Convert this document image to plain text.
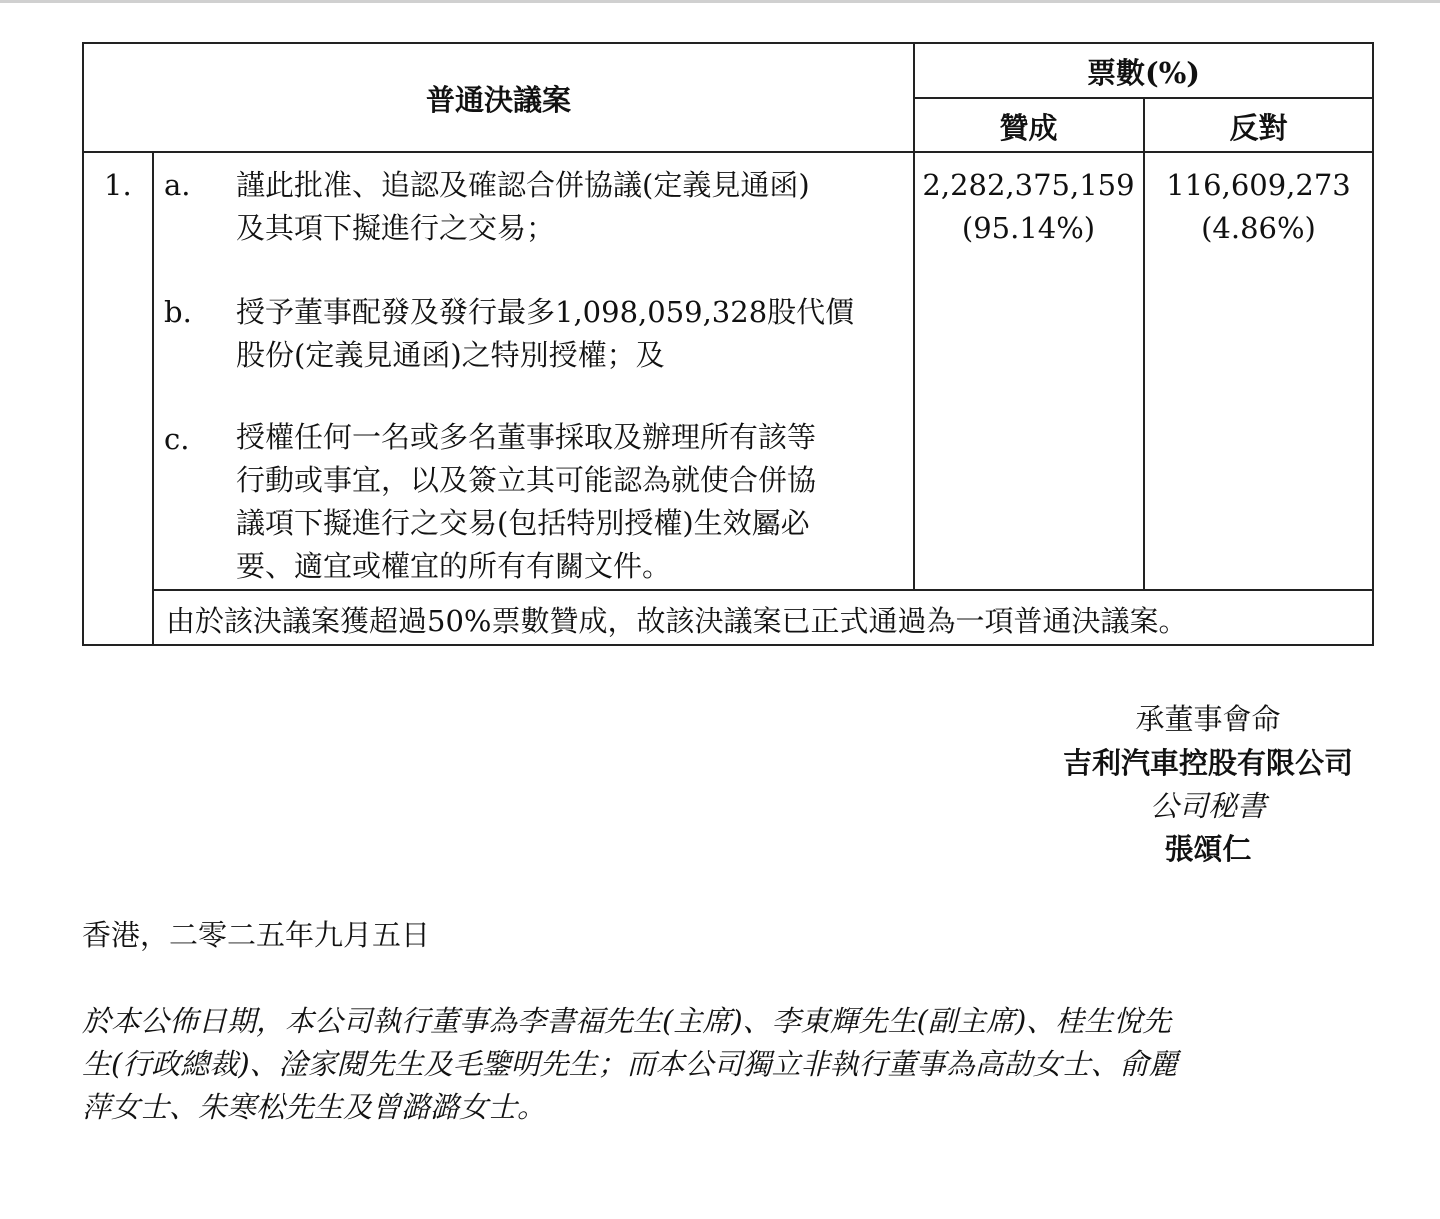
普通決議案
票數(%)
贊成	反對
1. a. 謹此批准、追認及確認合併協議(定義見通函)
及其項下擬進行之交易；
b. 授予董事配發及發行最多1,098,059,328股代價
股份(定義見通函)之特別授權；及
c. 授權任何一名或多名董事採取及辦理所有該等
行動或事宜，以及簽立其可能認為就使合併協
議項下擬進行之交易(包括特別授權)生效屬必
要、適宜或權宜的所有有關文件。
2,282,375,159
(95.14%)
116,609,273
(4.86%)
由於該決議案獲超過50%票數贊成，故該決議案已正式通過為一項普通決議案。
承董事會命
吉利汽車控股有限公司
公司秘書
張頌仁
香港，二零二五年九月五日
於本公佈日期，本公司執行董事為李書福先生(主席)、李東輝先生(副主席)、桂生悅先
生(行政總裁)、淦家閱先生及毛鑒明先生；而本公司獨立非執行董事為高劼女士、俞麗
萍女士、朱寒松先生及曾潞潞女士。
